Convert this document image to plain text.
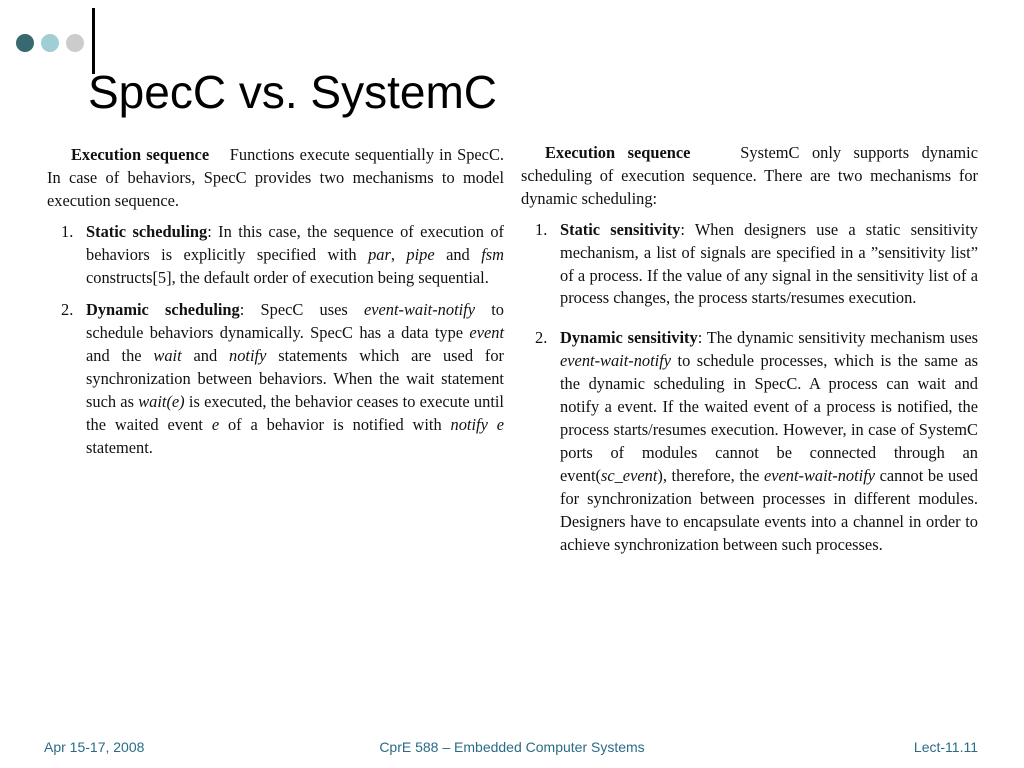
SpecC vs. SystemC

Execution sequence Functions execute sequentially in SpecC. In case of behaviors, SpecC provides two mechanisms to model execution sequence.

1. Static scheduling: In this case, the sequence of execution of behaviors is explicitly specified with par, pipe and fsm constructs[5], the default order of execution being sequential.
2. Dynamic scheduling: SpecC uses event-wait-notify to schedule behaviors dynamically. SpecC has a data type event and the wait and notify statements which are used for synchronization between behaviors. When the wait statement such as wait(e) is executed, the behavior ceases to execute until the waited event e of a behavior is notified with notify e statement.

Execution sequence	SystemC only supports dynamic scheduling of execution sequence. There are two mechanisms for dynamic scheduling:

1. Static sensitivity: When designers use a static sensitivity mechanism, a list of signals are specified in a ”sensitivity list” of a process. If the value of any signal in the sensitivity list of a process changes, the process starts/resumes execution.
2. Dynamic sensitivity: The dynamic sensitivity mechanism uses event-wait-notify to schedule processes, which is the same as the dynamic scheduling in SpecC. A process can wait and notify a event. If the waited event of a process is notified, the process starts/resumes execution. However, in case of SystemC ports of modules cannot be connected through an event(sc_event), therefore, the event-wait-notify cannot be used for synchronization between processes in different modules. Designers have to encapsulate events into a channel in order to achieve synchronization between such processes.
Apr 15-17, 2008	CprE 588 – Embedded Computer Systems	Lect-11.11
